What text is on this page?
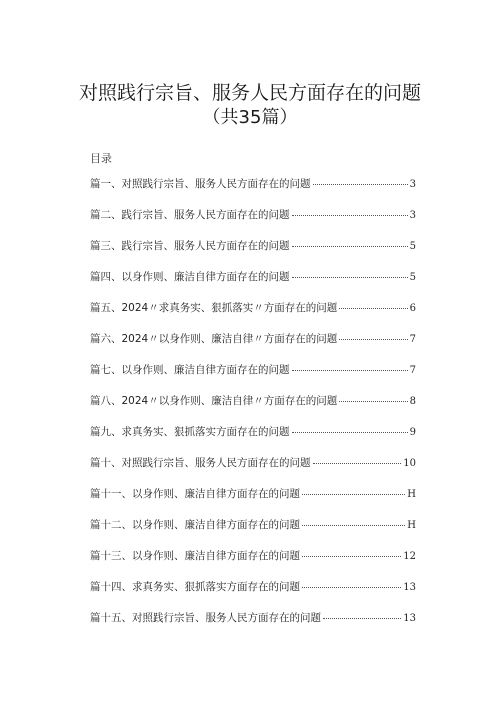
对照践行宗旨、服务人民方面存在的问题
（共35篇）
目录
篇一、对照践行宗旨、服务人民方面存在的问题	3
篇二、践行宗旨、服务人民方面存在的问题	3
篇三、践行宗旨、服务人民方面存在的问题	5
篇四、以身作则、廉洁自律方面存在的问题	5
篇五、2024〃求真务实、狠抓落实〃方面存在的问题	6
篇六、2024〃以身作则、廉洁自律〃方面存在的问题	7
篇七、以身作则、廉洁自律方面存在的问题	7
篇八、2024〃以身作则、廉洁自律〃方面存在的问题	8
篇九、求真务实、狠抓落实方面存在的问题	9
篇十、对照践行宗旨、服务人民方面存在的问题	10
篇十一、以身作则、廉洁自律方面存在的问题	H
篇十二、以身作则、廉洁自律方面存在的问题	H
篇十三、以身作则、廉洁自律方面存在的问题	12
篇十四、求真务实、狠抓落实方面存在的问题	13
篇十五、对照践行宗旨、服务人民方面存在的问题	13
